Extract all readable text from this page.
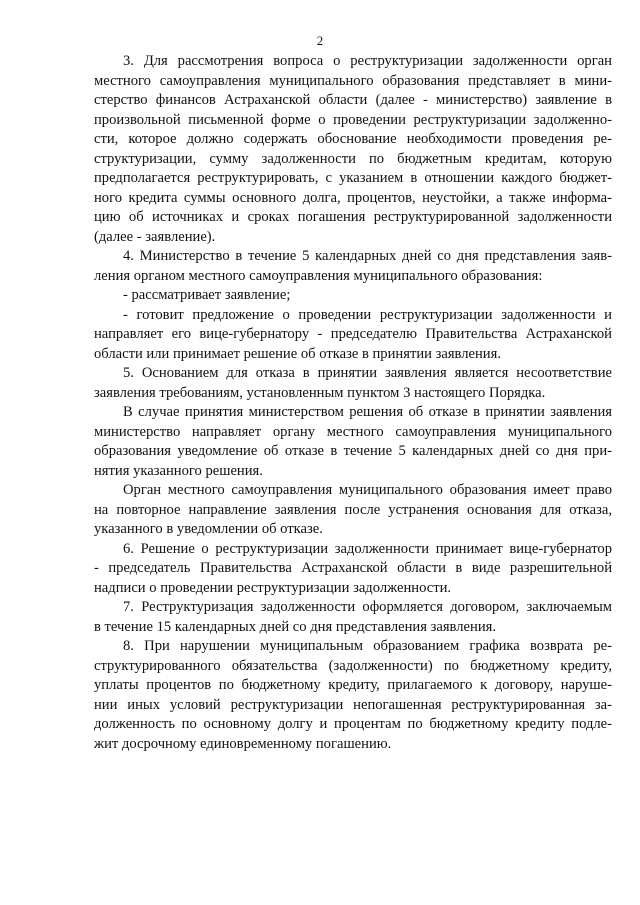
2
3. Для рассмотрения вопроса о реструктуризации задолженности орган
местного самоуправления муниципального образования представляет в мини-
стерство финансов Астраханской области (далее - министерство) заявление в
произвольной письменной форме о проведении реструктуризации задолженно-
сти, которое должно содержать обоснование необходимости проведения ре-
структуризации, сумму задолженности по бюджетным кредитам, которую
предполагается реструктурировать, с указанием в отношении каждого бюджет-
ного кредита суммы основного долга, процентов, неустойки, а также информа-
цию об источниках и сроках погашения реструктурированной задолженности
(далее - заявление).
4. Министерство в течение 5 календарных дней со дня представления заяв-
ления органом местного самоуправления муниципального образования:
- рассматривает заявление;
- готовит предложение о проведении реструктуризации задолженности и
направляет его вице-губернатору - председателю Правительства Астраханской
области или принимает решение об отказе в принятии заявления.
5. Основанием для отказа в принятии заявления является несоответствие
заявления требованиям, установленным пунктом 3 настоящего Порядка.
В случае принятия министерством решения об отказе в принятии заявления
министерство направляет органу местного самоуправления муниципального
образования уведомление об отказе в течение 5 календарных дней со дня при-
нятия указанного решения.
Орган местного самоуправления муниципального образования имеет право
на повторное направление заявления после устранения основания для отказа,
указанного в уведомлении об отказе.
6. Решение о реструктуризации задолженности принимает вице-губернатор
- председатель Правительства Астраханской области в виде разрешительной
надписи о проведении реструктуризации задолженности.
7. Реструктуризация задолженности оформляется договором, заключаемым
в течение 15 календарных дней со дня представления заявления.
8. При нарушении муниципальным образованием графика возврата ре-
структурированного обязательства (задолженности) по бюджетному кредиту,
уплаты процентов по бюджетному кредиту, прилагаемого к договору, наруше-
нии иных условий реструктуризации непогашенная реструктурированная за-
долженность по основному долгу и процентам по бюджетному кредиту подле-
жит досрочному единовременному погашению.
